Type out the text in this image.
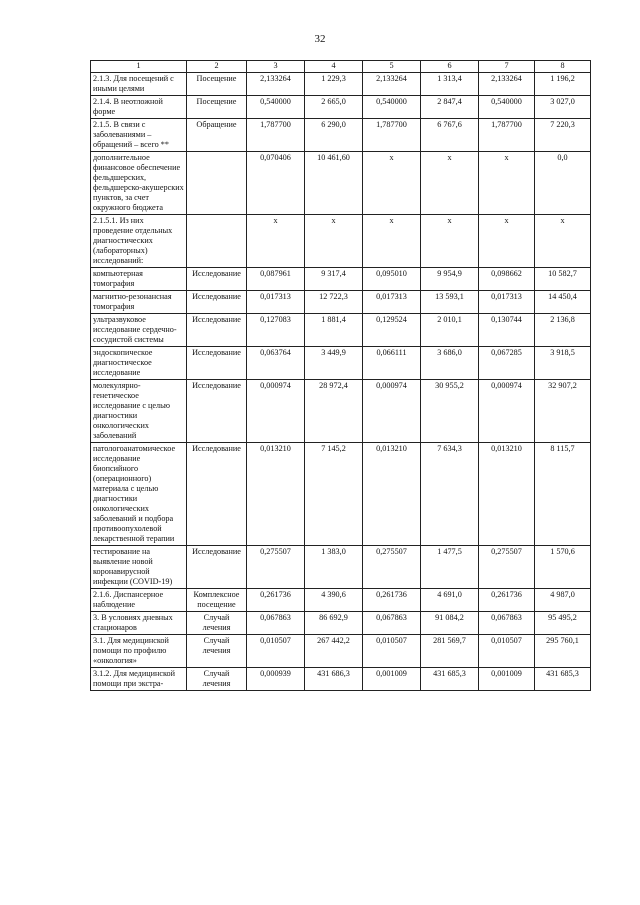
32
1	2	3	4	5	6	7	8
2.1.3. Для посещений с иными целями	Посещение	2,133264	1 229,3	2,133264	1 313,4	2,133264	1 196,2
2.1.4. В неотложной форме	Посещение	0,540000	2 665,0	0,540000	2 847,4	0,540000	3 027,0
2.1.5. В связи с заболеваниями – обращений – всего **	Обращение	1,787700	6 290,0	1,787700	6 767,6	1,787700	7 220,3
дополнительное финансовое обеспечение фельдшерских, фельдшерско-акушерских пунктов, за счет окружного бюджета		0,070406	10 461,60	x	x	x	0,0
2.1.5.1. Из них проведение отдельных диагностических (лабораторных) исследований:		x	x	x	x	x	x
компьютерная томография	Исследование	0,087961	9 317,4	0,095010	9 954,9	0,098662	10 582,7
магнитно-резонансная томография	Исследование	0,017313	12 722,3	0,017313	13 593,1	0,017313	14 450,4
ультразвуковое исследование сердечно-сосудистой системы	Исследование	0,127083	1 881,4	0,129524	2 010,1	0,130744	2 136,8
эндоскопическое диагностическое исследование	Исследование	0,063764	3 449,9	0,066111	3 686,0	0,067285	3 918,5
молекулярно-генетическое исследование с целью диагностики онкологических заболеваний	Исследование	0,000974	28 972,4	0,000974	30 955,2	0,000974	32 907,2
патологоанатомическое исследование биопсийного (операционного) материала с целью диагностики онкологических заболеваний и подбора противоопухолевой лекарственной терапии	Исследование	0,013210	7 145,2	0,013210	7 634,3	0,013210	8 115,7
тестирование на выявление новой коронавирусной инфекции (COVID-19)	Исследование	0,275507	1 383,0	0,275507	1 477,5	0,275507	1 570,6
2.1.6. Диспансерное наблюдение	Комплексное посещение	0,261736	4 390,6	0,261736	4 691,0	0,261736	4 987,0
3. В условиях дневных стационаров	Случай лечения	0,067863	86 692,9	0,067863	91 084,2	0,067863	95 495,2
3.1. Для медицинской помощи по профилю «онкология»	Случай лечения	0,010507	267 442,2	0,010507	281 569,7	0,010507	295 760,1
3.1.2. Для медицинской помощи при экстра-	Случай лечения	0,000939	431 686,3	0,001009	431 685,3	0,001009	431 685,3
